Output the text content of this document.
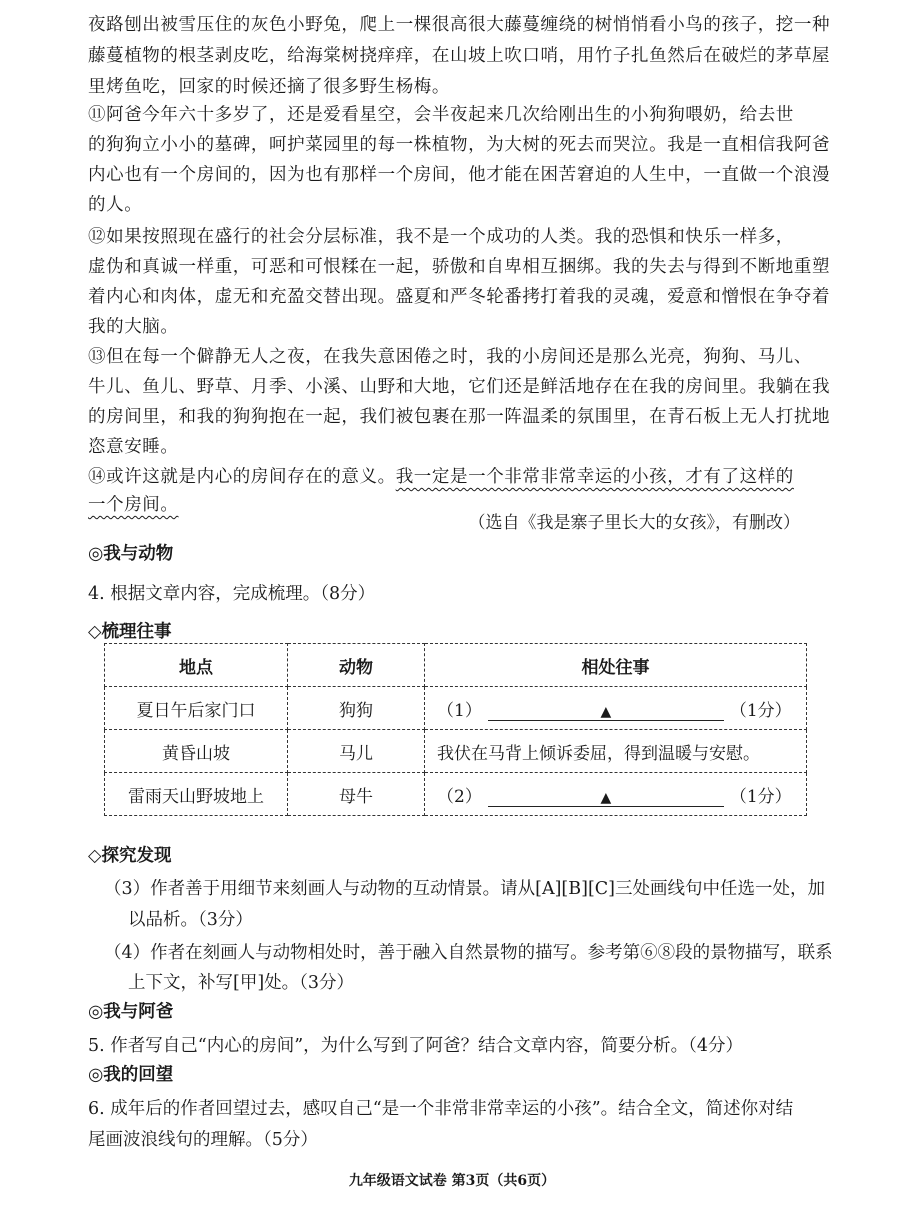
夜路刨出被雪压住的灰色小野兔，爬上一棵很高很大藤蔓缠绕的树悄悄看小鸟的孩子，挖一种
藤蔓植物的根茎剥皮吃，给海棠树挠痒痒，在山坡上吹口哨，用竹子扎鱼然后在破烂的茅草屋
里烤鱼吃，回家的时候还摘了很多野生杨梅。
⑪阿爸今年六十多岁了，还是爱看星空，会半夜起来几次给刚出生的小狗狗喂奶，给去世
的狗狗立小小的墓碑，呵护菜园里的每一株植物，为大树的死去而哭泣。我是一直相信我阿爸
内心也有一个房间的，因为也有那样一个房间，他才能在困苦窘迫的人生中，一直做一个浪漫
的人。
⑫如果按照现在盛行的社会分层标准，我不是一个成功的人类。我的恐惧和快乐一样多，
虚伪和真诚一样重，可恶和可恨糅在一起，骄傲和自卑相互捆绑。我的失去与得到不断地重塑
着内心和肉体，虚无和充盈交替出现。盛夏和严冬轮番拷打着我的灵魂，爱意和憎恨在争夺着
我的大脑。
⑬但在每一个僻静无人之夜，在我失意困倦之时，我的小房间还是那么光亮，狗狗、马儿、
牛儿、鱼儿、野草、月季、小溪、山野和大地，它们还是鲜活地存在在我的房间里。我躺在我
的房间里，和我的狗狗抱在一起，我们被包裹在那一阵温柔的氛围里，在青石板上无人打扰地
恣意安睡。
⑭或许这就是内心的房间存在的意义。我一定是一个非常非常幸运的小孩，才有了这样的
一个房间。
（选自《我是寨子里长大的女孩》，有删改）
◎我与动物
4. 根据文章内容，完成梳理。（8分）
◇梳理往事
地点	动物	相处往事
夏日午后家门口	狗狗	（1） ▲ （1分）
黄昏山坡	马儿	我伏在马背上倾诉委屈，得到温暖与安慰。
雷雨天山野坡地上	母牛	（2） ▲ （1分）
◇探究发现
（3）作者善于用细节来刻画人与动物的互动情景。请从[A][B][C]三处画线句中任选一处，加
以品析。（3分）
（4）作者在刻画人与动物相处时，善于融入自然景物的描写。参考第⑥⑧段的景物描写，联系
上下文，补写[甲]处。（3分）
◎我与阿爸
5. 作者写自己“内心的房间”，为什么写到了阿爸？结合文章内容，简要分析。（4分）
◎我的回望
6. 成年后的作者回望过去，感叹自己“是一个非常非常幸运的小孩”。结合全文，简述你对结
尾画波浪线句的理解。（5分）
九年级语文试卷 第3页（共6页）
